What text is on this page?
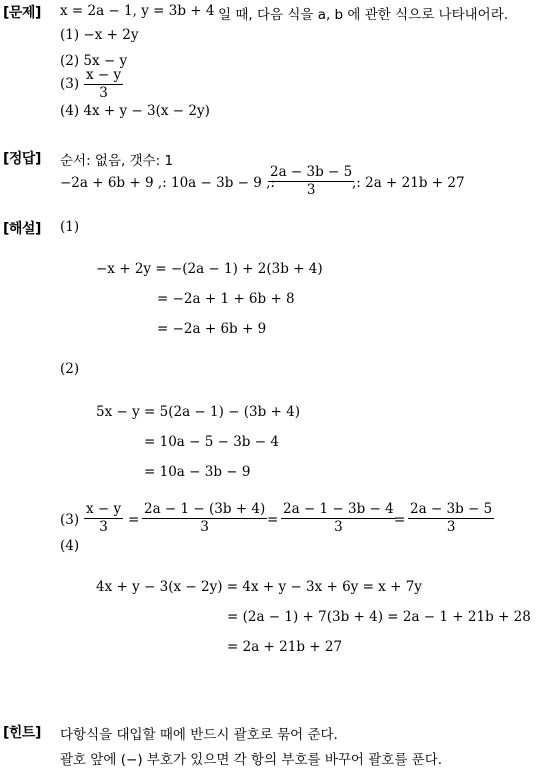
[문제] x = 2a − 1, y = 3b + 4 일 때, 다음 식을 a, b 에 관한 식으로 나타내어라.
(1) −x + 2y
(2) 5x − y
(3)
x − y
3
(4) 4x + y − 3(x − 2y)
[정답] 순서: 없음, 갯수: 1
−2a + 6b + 9 ,: 10a − 3b − 9 ,:
2a − 3b − 5
3	,: 2a + 21b + 27
[해설] (1)
−x + 2y = −(2a − 1) + 2(3b + 4)
= −2a + 1 + 6b + 8
= −2a + 6b + 9
(2)
5x − y = 5(2a − 1) − (3b + 4)
= 10a − 5 − 3b − 4
= 10a − 3b − 9
(3)
x − y
3 =
2a − 1 − (3b + 4)
3	=
2a − 1 − 3b − 4
3	=
2a − 3b − 5
3
(4)
4x + y − 3(x − 2y) = 4x + y − 3x + 6y = x + 7y
= (2a − 1) + 7(3b + 4) = 2a − 1 + 21b + 28
= 2a + 21b + 27
[힌트] 다항식을 대입할 때에 반드시 괄호로 묶어 준다.
괄호 앞에 (−) 부호가 있으면 각 항의 부호를 바꾸어 괄호를 푼다.
